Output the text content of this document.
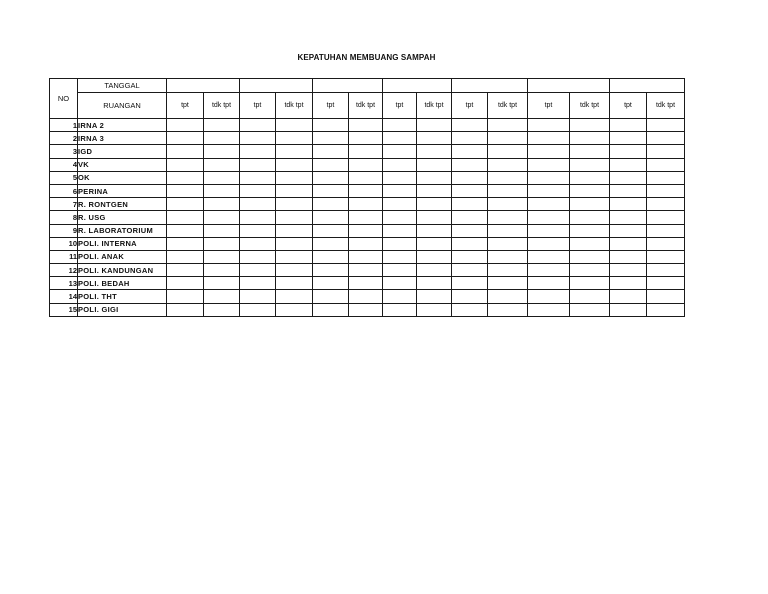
KEPATUHAN MEMBUANG SAMPAH
NO	TANGGAL														
	RUANGAN	tpt	tdk tpt	tpt	tdk tpt	tpt	tdk tpt	tpt	tdk tpt	tpt	tdk tpt	tpt	tdk tpt	tpt	tdk tpt
1	IRNA 2														
2	IRNA 3														
3	IGD														
4	VK														
5	OK														
6	PERINA														
7	R. RONTGEN														
8	R. USG														
9	R. LABORATORIUM														
10	POLI. INTERNA														
11	POLI. ANAK														
12	POLI. KANDUNGAN														
13	POLI. BEDAH														
14	POLI. THT														
15	POLI. GIGI														
